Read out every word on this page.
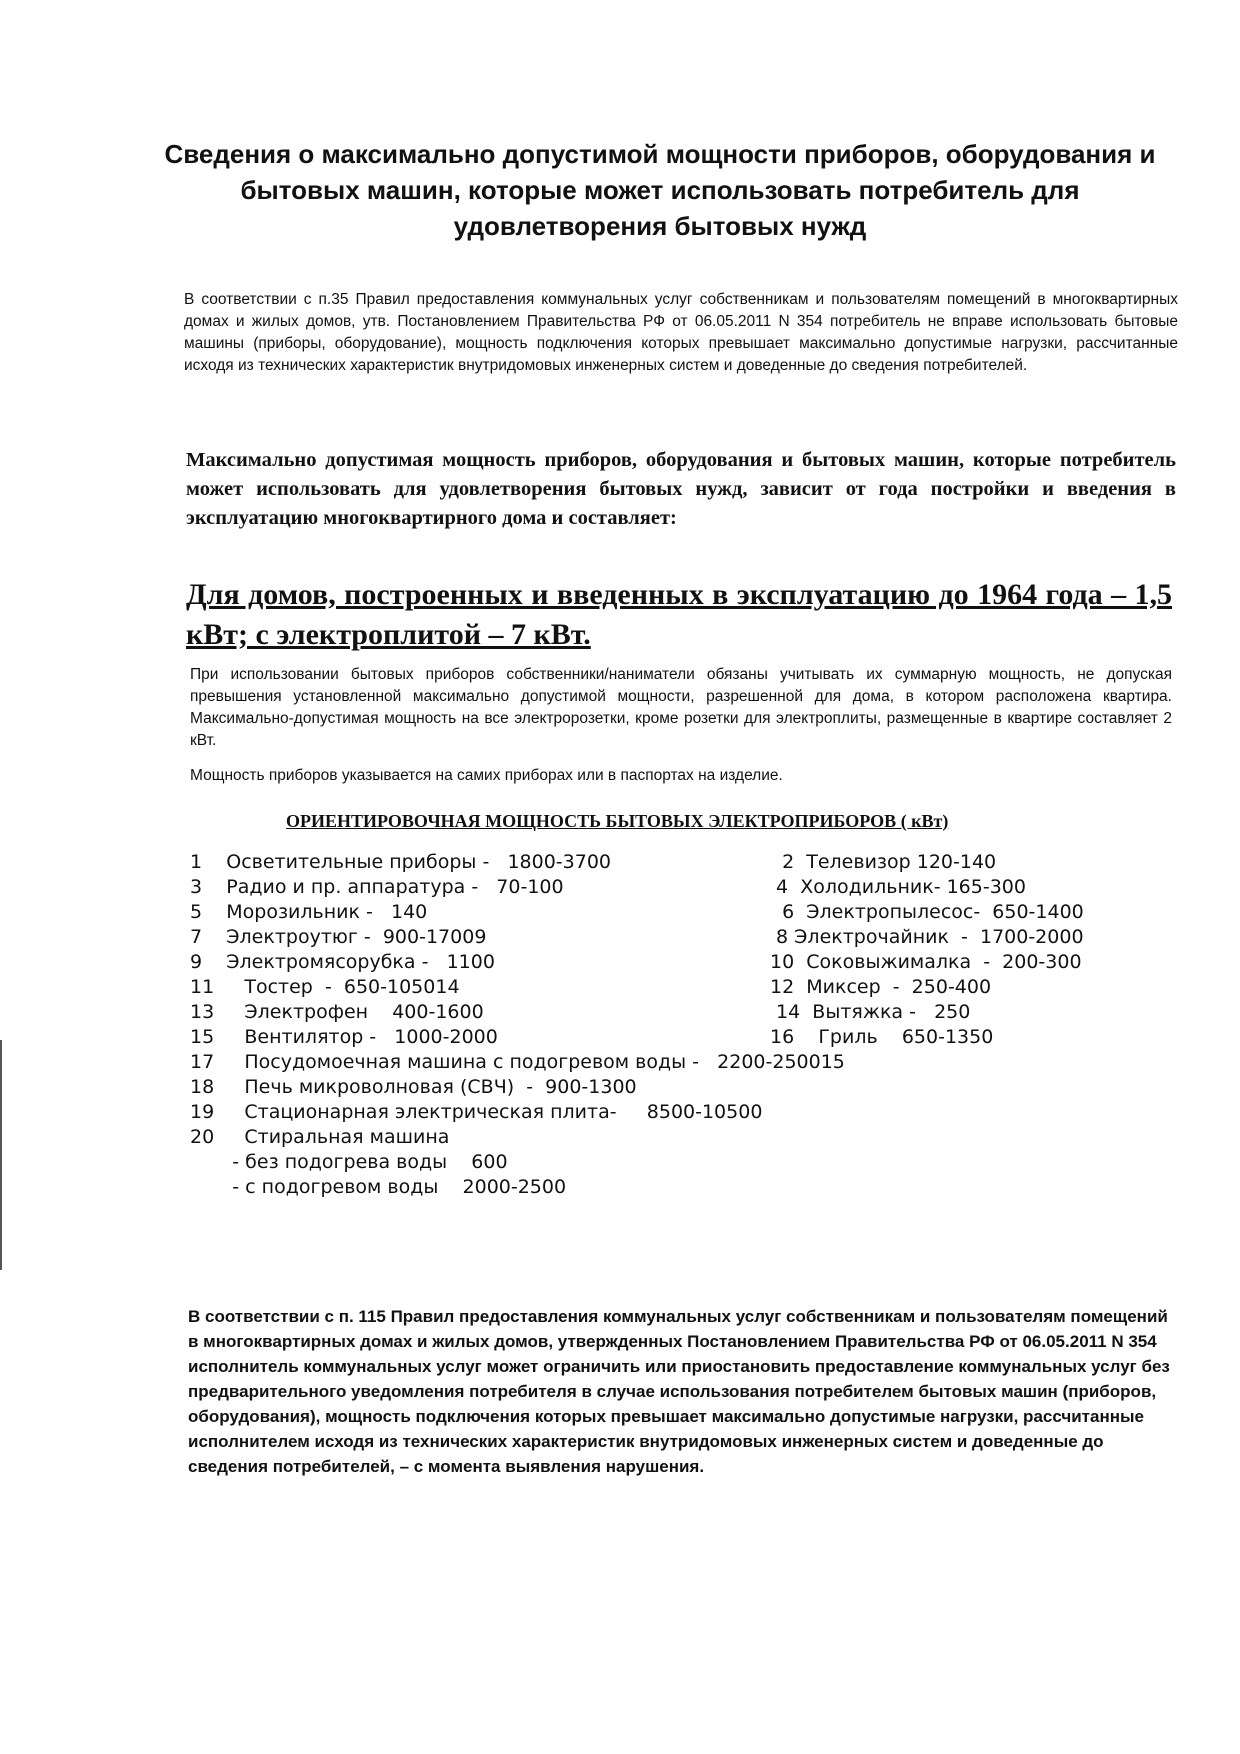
Сведения о максимально допустимой мощности приборов, оборудования и бытовых машин, которые может использовать потребитель для удовлетворения бытовых нужд

В соответствии с п.35 Правил предоставления коммунальных услуг собственникам и пользователям помещений в многоквартирных домах и жилых домов, утв. Постановлением Правительства РФ от 06.05.2011 N 354 потребитель не вправе использовать бытовые машины (приборы, оборудование), мощность подключения которых превышает максимально допустимые нагрузки, рассчитанные исходя из технических характеристик внутридомовых инженерных систем и доведенные до сведения потребителей.

Максимально допустимая мощность приборов, оборудования и бытовых машин, которые потребитель может использовать для удовлетворения бытовых нужд, зависит от года постройки и введения в эксплуатацию многоквартирного дома и составляет:

Для домов, построенных и введенных в эксплуатацию до 1964 года – 1,5 кВт; с электроплитой – 7 кВт.

При использовании бытовых приборов собственники/наниматели обязаны учитывать их суммарную мощность, не допуская превышения установленной максимально допустимой мощности, разрешенной для дома, в котором расположена квартира. Максимально-допустимая мощность на все электророзетки, кроме розетки для электроплиты, размещенные в квартире составляет 2 кВт.

Мощность приборов указывается на самих приборах или в паспортах на изделие.

ОРИЕНТИРОВОЧНАЯ МОЩНОСТЬ БЫТОВЫХ ЭЛЕКТРОПРИБОРОВ ( кВт)

1    Осветительные приборы -   1800-3700	2  Телевизор 120-140
3    Радио и пр. аппаратура -   70-100	4  Холодильник- 165-300
5    Морозильник -   140	6  Электропылесос-  650-1400
7    Электроутюг -  900-17009	8 Электрочайник  -  1700-2000
9    Электромясорубка -   1100	10  Соковыжималка  -  200-300
11     Тостер  -  650-105014	12  Миксер  -  250-400
13     Электрофен    400-1600	14  Вытяжка -   250
15     Вентилятор -   1000-2000	16    Гриль    650-1350
17     Посудомоечная машина с подогревом воды -   2200-250015
18     Печь микроволновая (СВЧ)  -  900-1300
19     Стационарная электрическая плита-     8500-10500
20     Стиральная машина
- без подогрева воды    600
- с подогревом воды    2000-2500

В соответствии с п. 115 Правил предоставления коммунальных услуг собственникам и пользователям помещений в многоквартирных домах и жилых домов, утвержденных Постановлением Правительства РФ от 06.05.2011 N 354 исполнитель коммунальных услуг может ограничить или приостановить предоставление коммунальных услуг без предварительного уведомления потребителя в случае использования потребителем бытовых машин (приборов, оборудования), мощность подключения которых превышает максимально допустимые нагрузки, рассчитанные исполнителем исходя из технических характеристик внутридомовых инженерных систем и доведенные до сведения потребителей, – с момента выявления нарушения.
